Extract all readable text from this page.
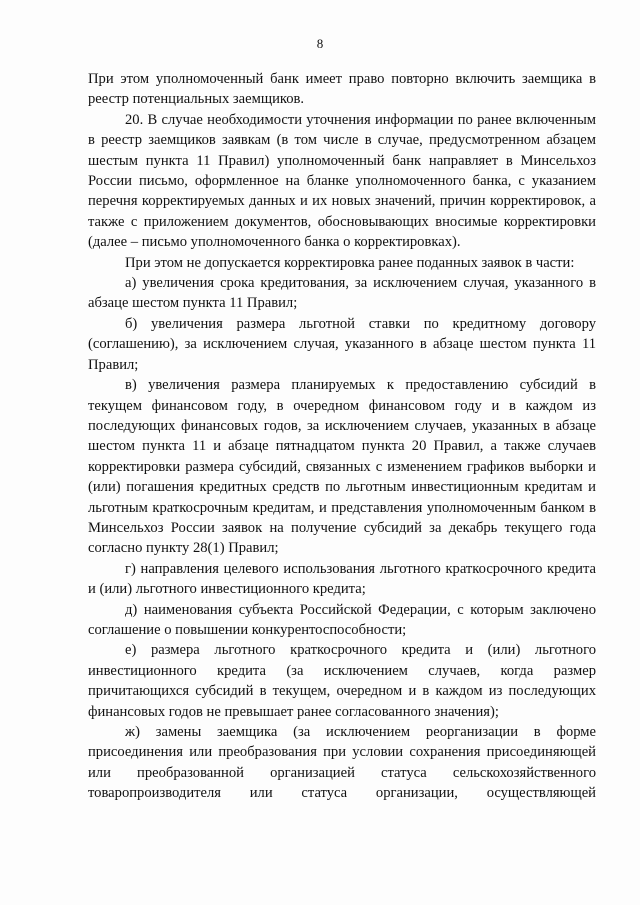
8

При этом уполномоченный банк имеет право повторно включить заемщика в реестр потенциальных заемщиков.

20. В случае необходимости уточнения информации по ранее включенным в реестр заемщиков заявкам (в том числе в случае, предусмотренном абзацем шестым пункта 11 Правил) уполномоченный банк направляет в Минсельхоз России письмо, оформленное на бланке уполномоченного банка, с указанием перечня корректируемых данных и их новых значений, причин корректировок, а также с приложением документов, обосновывающих вносимые корректировки (далее – письмо уполномоченного банка о корректировках).

При этом не допускается корректировка ранее поданных заявок в части:

а) увеличения срока кредитования, за исключением случая, указанного в абзаце шестом пункта 11 Правил;

б) увеличения размера льготной ставки по кредитному договору (соглашению), за исключением случая, указанного в абзаце шестом пункта 11 Правил;

в) увеличения размера планируемых к предоставлению субсидий в текущем финансовом году, в очередном финансовом году и в каждом из последующих финансовых годов, за исключением случаев, указанных в абзаце шестом пункта 11 и абзаце пятнадцатом пункта 20 Правил, а также случаев корректировки размера субсидий, связанных с изменением графиков выборки и (или) погашения кредитных средств по льготным инвестиционным кредитам и льготным краткосрочным кредитам, и представления уполномоченным банком в Минсельхоз России заявок на получение субсидий за декабрь текущего года согласно пункту 28(1) Правил;

г) направления целевого использования льготного краткосрочного кредита и (или) льготного инвестиционного кредита;

д) наименования субъекта Российской Федерации, с которым заключено соглашение о повышении конкурентоспособности;

е) размера льготного краткосрочного кредита и (или) льготного инвестиционного кредита (за исключением случаев, когда размер причитающихся субсидий в текущем, очередном и в каждом из последующих финансовых годов не превышает ранее согласованного значения);

ж) замены заемщика (за исключением реорганизации в форме присоединения или преобразования при условии сохранения присоединяющей или преобразованной организацией статуса сельскохозяйственного товаропроизводителя или статуса организации, осуществляющей
